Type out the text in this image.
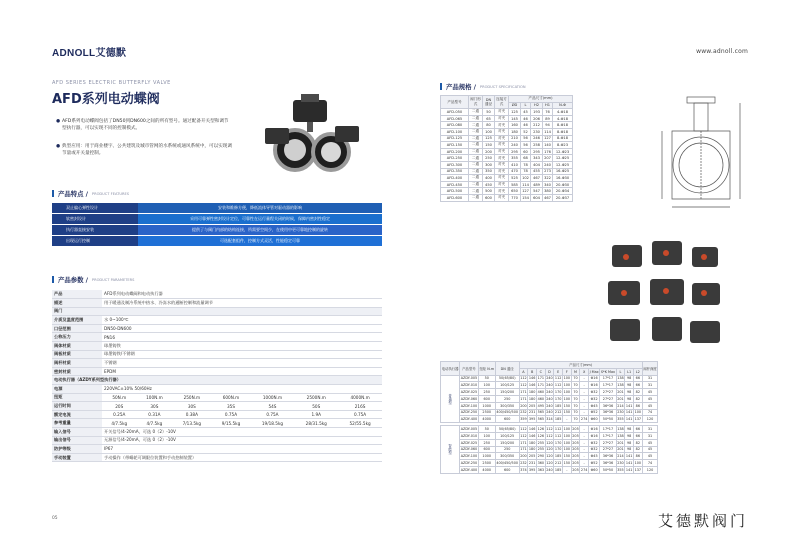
ADNOLL艾德默	www.adnoll.com
AFD SERIES ELECTRIC BUTTERFLY VALVE
AFD系列电动蝶阀
● AFD系列电动蝶阀包括了DN50到DN600之间的所有型号。通过配备开关型和调节型执行器，可以实现不同的控制模式。
● 典型应用：用于商业楼宇、公共建筑及城市管网的水系统或通风系统中，可以实现调节量或开关量控制。
产品特点 / PRODUCT FEATURES
双止偏心弹性设计	安装和维修方便，降低流体导管对驱动器的影响
软密封设计	采用可靠弹性密封设计定位，可靠性在运行量程关闭的时候，保障内密封性稳定
执行器直接安装	提供了与阀门内部的结构连接，所需要空间少，在使用中更可靠地控制的旋转
出现运行控制	可选配套组件，控制方式灵活，性能稳定可靠
产品参数 / PRODUCT PARAMETERS
产品	AFD系列电动蝶阀和电动执行器						
描述	用于暖通及制冷系统中热水、冷冻水的通断控制和流量调节						
阀门							
介质及温度范围	水 0~100℃						
口径范围	DN50-DN600						
公称压力	PN16						
阀体材质	球墨铸铁						
阀板材质	球墨铸铁/不锈钢						
阀杆材质	不锈钢						
密封材质	EPDM						
电动执行器（AZDY系列型执行器）							
电源	220VAC±10% 50/60Hz						
扭矩	50N.m	100N.m	250N.m	600N.m	1000N.m	2500N.m	4000N.m
运行时间	20S	30S	30S	35S	54S	50S	216S
额定电流	0.25A	0.31A	0.38A	0.75A	0.75A	1.9A	0.75A
参考重量	4/7.5kg	4/7.5kg	7/13.5kg	9/15.5kg	19/18.5kg	28/31.5kg	52/55.5kg
输入信号	开关信号/4-20mA，可选 0（2）-10V						
输出信号	无源信号/4-20mA，可选 0（2）-10V						
防护等级	IP67						
手动装置	手动操作（带蜗轮可调限位装置和手动控制装置）						
产品规格 / PRODUCT SPECIFICATION
产品型号	阀门形式	DN通径	连接方式	产品尺寸(mm)				
				ØD	L	H2	H1	N-Φ
AFD-050	二通	50	对夹	125	45	193	76	4-Φ18
AFD-065	二通	65	对夹	145	46	206	89	4-Φ18
AFD-080	二通	80	对夹	160	46	212	94	8-Φ18
AFD-100	二通	100	对夹	180	52	230	114	8-Φ18
AFD-125	二通	125	对夹	210	56	246	127	8-Φ18
AFD-150	二通	150	对夹	240	56	258	140	8-Φ23
AFD-200	二通	200	对夹	295	60	295	176	12-Φ23
AFD-250	二通	250	对夹	355	68	343	207	12-Φ25
AFD-300	二通	300	对夹	410	78	404	240	12-Φ25
AFD-350	二通	350	对夹	470	78	455	273	16-Φ25
AFD-400	二通	400	对夹	525	102	467	322	16-Φ30
AFD-450	二通	450	对夹	585	114	489	340	20-Φ30
AFD-500	二通	500	对夹	650	127	547	380	20-Φ34
AFD-600	二通	600	对夹	770	154	604	467	20-Φ37
电动执行器	产品型号	扭矩 N.m	DN 通径	产品尺寸(mm)													阀杆深度
				A	B	C	D	E	F	M	X	J Max	S*K Max	L	L1	L2	
普通型	AZDY-005	50	50(65/80)	112	146	171	240	112	100	70	-	Φ16	17*17	138	98	66	31
	AZDY-010	100	100/125	112	146	171	240	112	100	70	-	Φ16	17*17	138	98	66	31
	AZDY-025	250	150/200	171	180	460	240	170	100	70	-	Φ32	27*27	201	98	82	45
	AZDY-060	600	250	171	180	460	240	170	100	70	-	Φ32	27*27	201	98	82	45
	AZDY-100	1000	300/350	200	205	495	240	185	150	70	-	Φ45	36*36	214	141	86	45
	AZDY-250	2500	400/450/500	232	231	565	240	212	150	70	-	Φ52	36*36	230	141	100	74
	AZDY-400	4000	600	359	395	565	314	185	-	70	274	Φ60	50*50	355	141	137	120

智能型	AZDY-005	50	50(65/80)	112	146	126	112	112	100	205	-	Φ16	17*17	138	98	66	31
	AZDY-010	100	100/125	112	146	126	112	112	100	205	-	Φ16	17*17	138	98	66	31
	AZDY-025	250	150/200	171	180	255	120	170	100	205	-	Φ32	27*27	201	98	82	45
	AZDY-060	600	250	171	180	255	120	170	100	205	-	Φ32	27*27	201	98	82	45
	AZDY-100	1000	300/350	200	205	290	120	185	150	205	-	Φ45	36*36	214	141	86	45
	AZDY-250	2500	400/450/500	232	231	360	120	212	150	205	-	Φ52	36*36	230	141	100	74
	AZDY-400	4000	600	374	395	363	240	185	-	205	274	Φ60	50*50	355	141	137	120

05	艾德默阀门
